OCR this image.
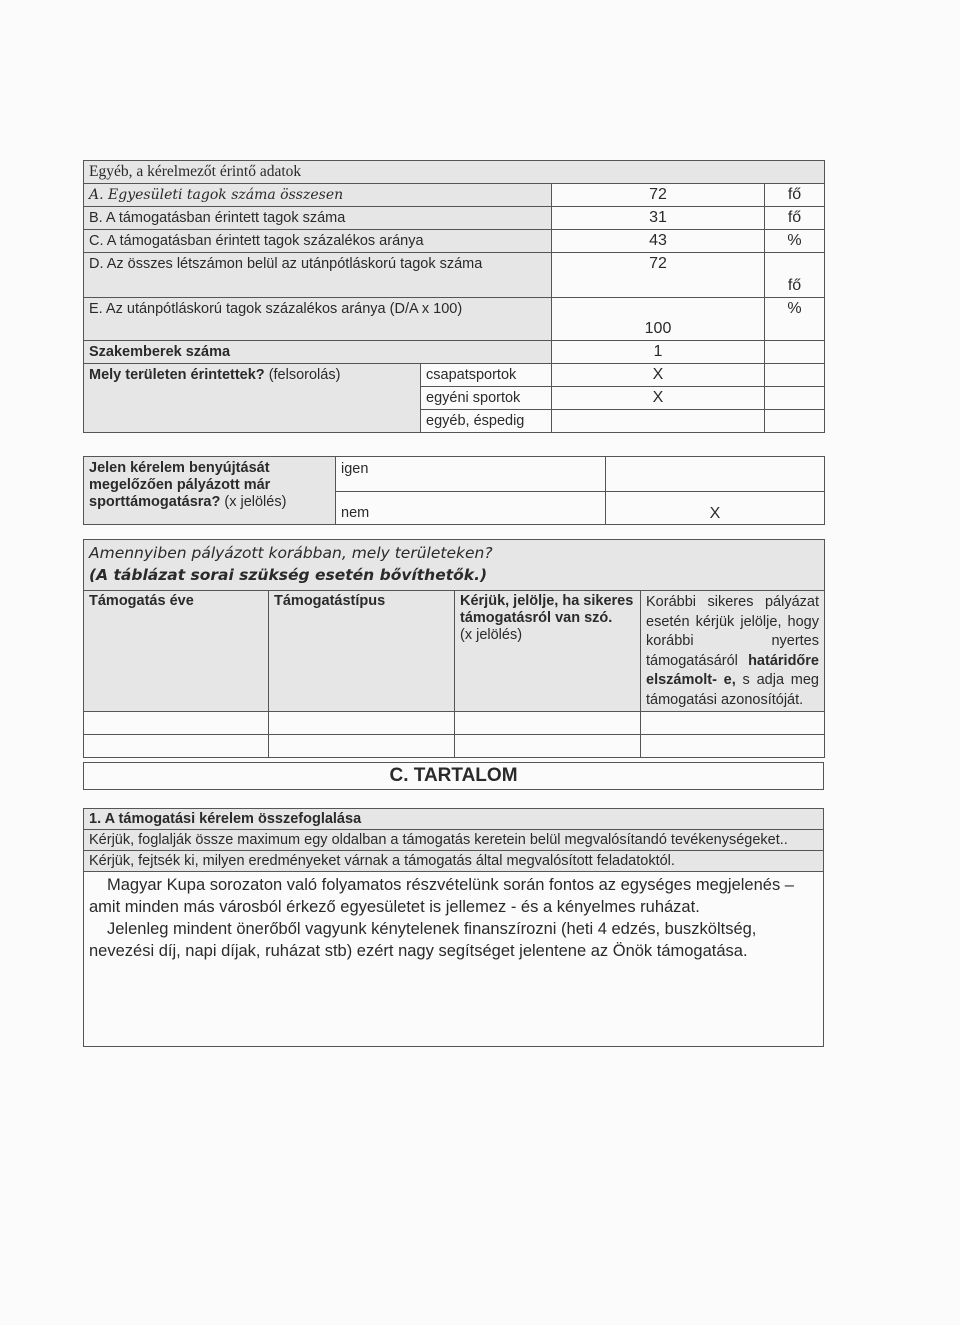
Egyéb, a kérelmezőt érintő adatok			
A. Egyesületi tagok száma összesen		72	fő
B. A támogatásban érintett tagok száma		31	fő
C. A támogatásban érintett tagok százalékos aránya		43	%
D. Az összes létszámon belül az utánpótláskorú tagok száma		72	fő
E. Az utánpótláskorú tagok százalékos aránya (D/A x 100)		100	%
Szakemberek száma		1	
Mely területen érintettek? (felsorolás)	csapatsportok	X	
	egyéni sportok	X	
	egyéb, éspedig		
Jelen kérelem benyújtását megelőzően pályázott már sporttámogatásra? (x jelölés)	igen	
	nem	X
Amennyiben pályázott korábban, mely területeken?
(A táblázat sorai szükség esetén bővíthetők.)			

Támogatás éve	Támogatástípus	Kérjük, jelölje, ha sikeres támogatásról van szó.
(x jelölés)	Korábbi sikeres pályázat esetén kérjük jelölje, hogy korábbi nyertes támogatásáról határidőre elszámolt- e, s adja meg támogatási azonosítóját.

C. TARTALOM
1. A támogatási kérelem összefoglalása
Kérjük, foglalják össze maximum egy oldalban a támogatás keretein belül megvalósítandó tevékenységeket..
Kérjük, fejtsék ki, milyen eredményeket várnak a támogatás által megvalósított feladatoktól.

Magyar Kupa sorozaton való folyamatos részvételünk során fontos az egységes megjelenés – amit minden más városból érkező egyesületet is jellemez - és a kényelmes ruházat.

Jelenleg mindent önerőből vagyunk kénytelenek finanszírozni (heti 4 edzés, buszköltség, nevezési díj, napi díjak, ruházat stb) ezért nagy segítséget jelentene az Önök támogatása.
